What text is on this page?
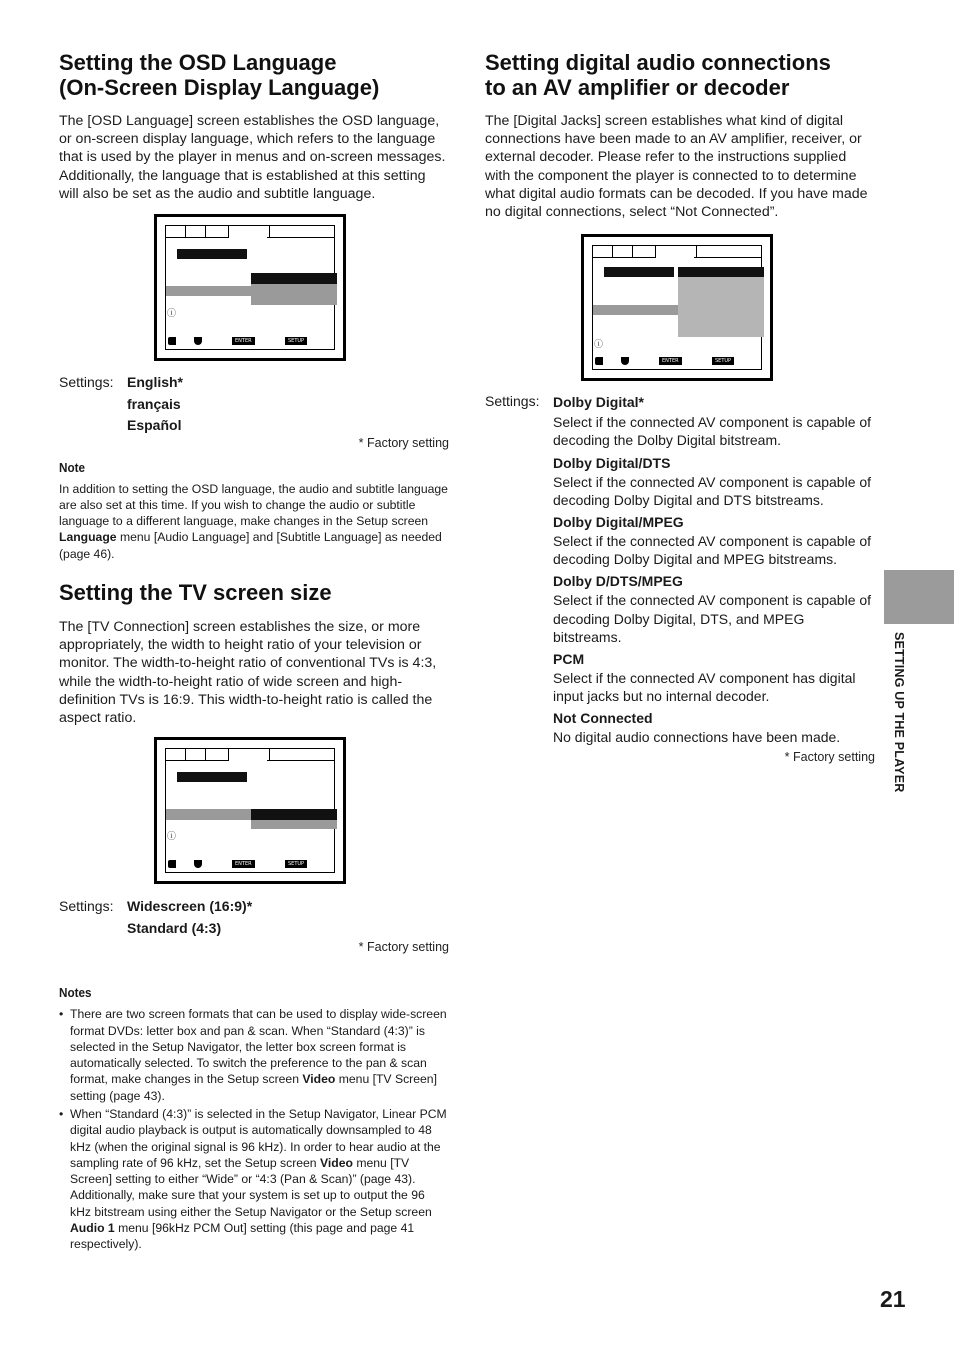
Setting the OSD Language
(On-Screen Display Language)

The [OSD Language] screen establishes the OSD language, or on-screen display language, which refers to the language that is used by the player in menus and on-screen messages. Additionally, the language that is established at this setting will also be set as the audio and subtitle language.

ⓘ
ENTER	SETUP
Settings: English*
français
Español

* Factory setting

Note

In addition to setting the OSD language, the audio and subtitle language are also set at this time. If you wish to change the audio or subtitle language to a different language, make changes in the Setup screen Language menu [Audio Language] and [Subtitle Language] as needed (page 46).

Setting the TV screen size

The [TV Connection] screen establishes the size, or more appropriately, the width to height ratio of your television or monitor. The width-to-height ratio of conventional TVs is 4:3, while the width-to-height ratio of wide screen and high-definition TVs is 16:9. This width-to-height ratio is called the aspect ratio.

ⓘ
ENTER	SETUP
Settings: Widescreen (16:9)*
Standard (4:3)

* Factory setting

Notes

• There are two screen formats that can be used to display wide-screen format DVDs: letter box and pan & scan. When “Standard (4:3)” is selected in the Setup Navigator, the letter box screen format is automatically selected. To switch the preference to the pan & scan format, make changes in the Setup screen Video menu [TV Screen] setting (page 43).

• When “Standard (4:3)” is selected in the Setup Navigator, Linear PCM digital audio playback is output is automatically downsampled to 48 kHz (when the original signal is 96 kHz). In order to hear audio at the sampling rate of 96 kHz, set the Setup screen Video menu [TV Screen] setting to either “Wide” or “4:3 (Pan & Scan)” (page 43). Additionally, make sure that your system is set up to output the 96 kHz bitstream using either the Setup Navigator or the Setup screen Audio 1 menu [96kHz PCM Out] setting (this page and page 41 respectively).

Setting digital audio connections
to an AV amplifier or decoder

The [Digital Jacks] screen establishes what kind of digital connections have been made to an AV amplifier, receiver, or external decoder. Please refer to the instructions supplied with the component the player is connected to to determine what digital audio formats can be decoded. If you have made no digital connections, select “Not Connected”.

ⓘ
ENTER	SETUP
Settings: Dolby Digital*

Select if the connected AV component is capable of decoding the Dolby Digital bitstream.

Dolby Digital/DTS

Select if the connected AV component is capable of decoding Dolby Digital and DTS bitstreams.

Dolby Digital/MPEG

Select if the connected AV component is capable of decoding Dolby Digital and MPEG bitstreams.

Dolby D/DTS/MPEG

Select if the connected AV component is capable of decoding Dolby Digital, DTS, and MPEG bitstreams.

PCM

Select if the connected AV component has digital input jacks but no internal decoder.

Not Connected

No digital audio connections have been made.

* Factory setting SETTING UP THE PLAYER
21
